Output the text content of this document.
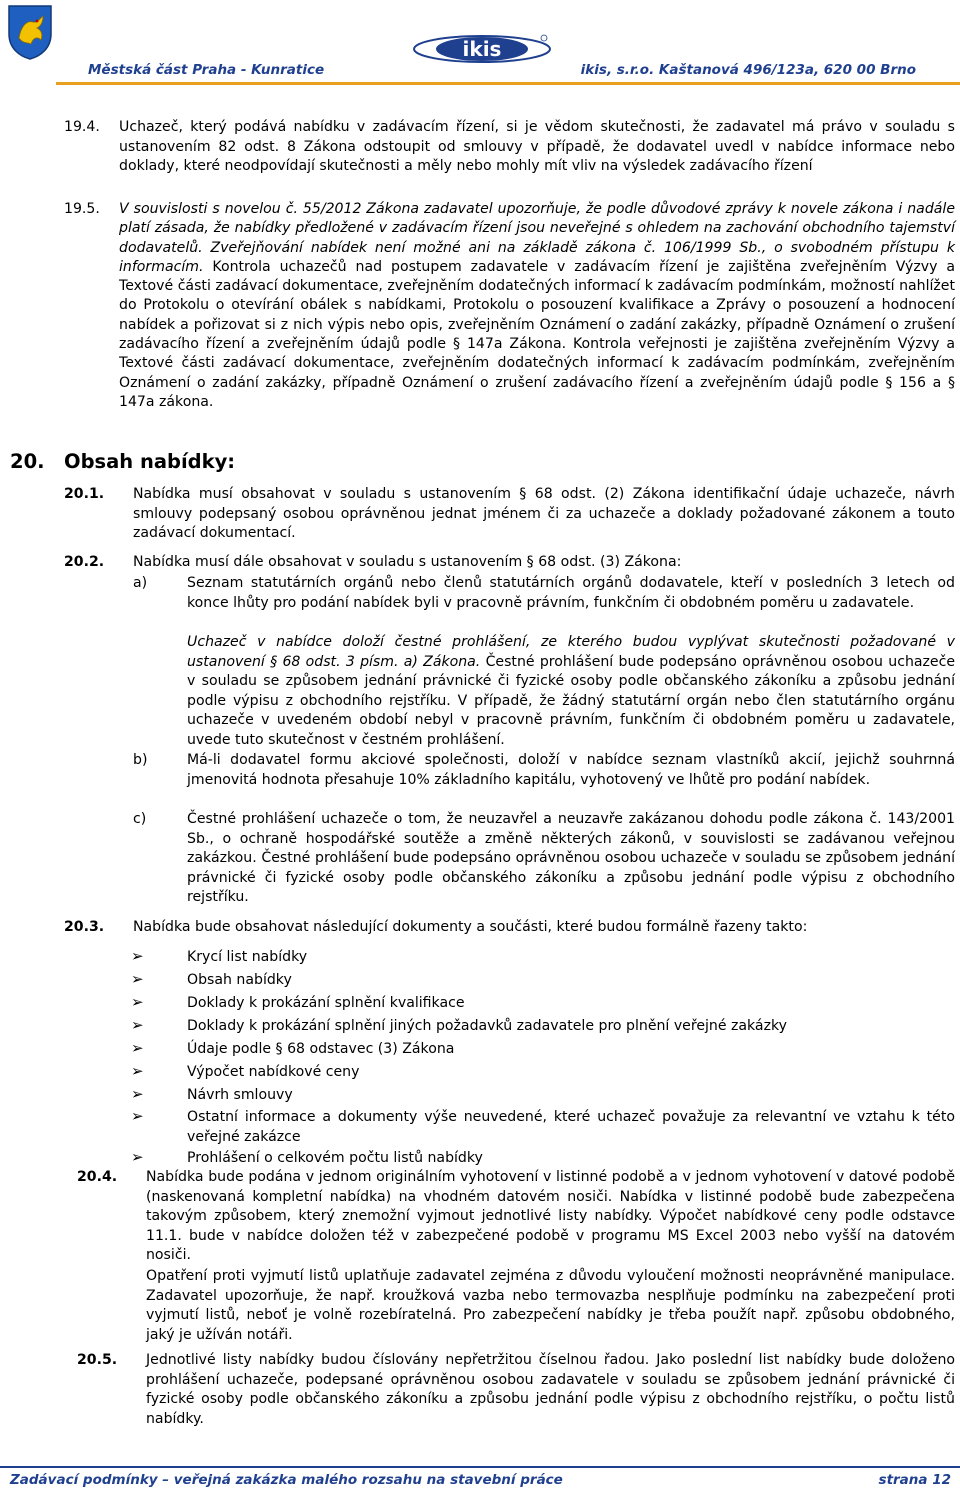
ikis
Městská část Praha - Kunratice	ikis, s.r.o. Kaštanová 496/123a, 620 00 Brno
19.4. Uchazeč, který podává nabídku v zadávacím řízení, si je vědom skutečnosti, že zadavatel má právo v souladu s ustanovením 82 odst. 8 Zákona odstoupit od smlouvy v případě, že dodavatel uvedl v nabídce informace nebo doklady, které neodpovídají skutečnosti a měly nebo mohly mít vliv na výsledek zadávacího řízení
19.5. V souvislosti s novelou č. 55/2012 Zákona zadavatel upozorňuje, že podle důvodové zprávy k novele zákona i nadále platí zásada, že nabídky předložené v zadávacím řízení jsou neveřejné s ohledem na zachování obchodního tajemství dodavatelů. Zveřejňování nabídek není možné ani na základě zákona č. 106/1999 Sb., o svobodném přístupu k informacím. Kontrola uchazečů nad postupem zadavatele v zadávacím řízení je zajištěna zveřejněním Výzvy a Textové části zadávací dokumentace, zveřejněním dodatečných informací k zadávacím podmínkám, možností nahlížet do Protokolu o otevírání obálek s nabídkami, Protokolu o posouzení kvalifikace a Zprávy o posouzení a hodnocení nabídek a pořizovat si z nich výpis nebo opis, zveřejněním Oznámení o zadání zakázky, případně Oznámení o zrušení zadávacího řízení a zveřejněním údajů podle § 147a Zákona. Kontrola veřejnosti je zajištěna zveřejněním Výzvy a Textové části zadávací dokumentace, zveřejněním dodatečných informací k zadávacím podmínkám, zveřejněním Oznámení o zadání zakázky, případně Oznámení o zrušení zadávacího řízení a zveřejněním údajů podle § 156 a § 147a zákona.
20. Obsah nabídky:
20.1. Nabídka musí obsahovat v souladu s ustanovením § 68 odst. (2) Zákona identifikační údaje uchazeče, návrh smlouvy podepsaný osobou oprávněnou jednat jménem či za uchazeče a doklady požadované zákonem a touto zadávací dokumentací.
20.2. Nabídka musí dále obsahovat v souladu s ustanovením § 68 odst. (3) Zákona:
a)	Seznam statutárních orgánů nebo členů statutárních orgánů dodavatele, kteří v posledních 3 letech od konce lhůty pro podání nabídek byli v pracovně právním, funkčním či obdobném poměru u zadavatele.
Uchazeč v nabídce doloží čestné prohlášení, ze kterého budou vyplývat skutečnosti požadované v ustanovení § 68 odst. 3 písm. a) Zákona. Čestné prohlášení bude podepsáno oprávněnou osobou uchazeče v souladu se způsobem jednání právnické či fyzické osoby podle občanského zákoníku a způsobu jednání podle výpisu z obchodního rejstříku. V případě, že žádný statutární orgán nebo člen statutárního orgánu uchazeče v uvedeném období nebyl v pracovně právním, funkčním či obdobném poměru u zadavatele, uvede tuto skutečnost v čestném prohlášení.
b)	Má-li dodavatel formu akciové společnosti, doloží v nabídce seznam vlastníků akcií, jejichž souhrnná jmenovitá hodnota přesahuje 10% základního kapitálu, vyhotovený ve lhůtě pro podání nabídek.
c)	Čestné prohlášení uchazeče o tom, že neuzavřel a neuzavře zakázanou dohodu podle zákona č. 143/2001 Sb., o ochraně hospodářské soutěže a změně některých zákonů, v souvislosti se zadávanou veřejnou zakázkou. Čestné prohlášení bude podepsáno oprávněnou osobou uchazeče v souladu se způsobem jednání právnické či fyzické osoby podle občanského zákoníku a způsobu jednání podle výpisu z obchodního rejstříku.
20.3. Nabídka bude obsahovat následující dokumenty a součásti, které budou formálně řazeny takto:
➢	Krycí list nabídky
➢	Obsah nabídky
➢	Doklady k prokázání splnění kvalifikace
➢	Doklady k prokázání splnění jiných požadavků zadavatele pro plnění veřejné zakázky
➢	Údaje podle § 68 odstavec (3) Zákona
➢	Výpočet nabídkové ceny
➢	Návrh smlouvy
➢	Ostatní informace a dokumenty výše neuvedené, které uchazeč považuje za relevantní ve vztahu k této veřejné zakázce
➢	Prohlášení o celkovém počtu listů nabídky
20.4. Nabídka bude podána v jednom originálním vyhotovení v listinné podobě a v jednom vyhotovení v datové podobě (naskenovaná kompletní nabídka) na vhodném datovém nosiči. Nabídka v listinné podobě bude zabezpečena takovým způsobem, který znemožní vyjmout jednotlivé listy nabídky. Výpočet nabídkové ceny podle odstavce 11.1. bude v nabídce doložen též v zabezpečené podobě v programu MS Excel 2003 nebo vyšší na datovém nosiči.
Opatření proti vyjmutí listů uplatňuje zadavatel zejména z důvodu vyloučení možnosti neoprávněné manipulace. Zadavatel upozorňuje, že např. kroužková vazba nebo termovazba nesplňuje podmínku na zabezpečení proti vyjmutí listů, neboť je volně rozebíratelná. Pro zabezpečení nabídky je třeba použít např. způsobu obdobného, jaký je užíván notáři.
20.5. Jednotlivé listy nabídky budou číslovány nepřetržitou číselnou řadou. Jako poslední list nabídky bude doloženo prohlášení uchazeče, podepsané oprávněnou osobou zadavatele v souladu se způsobem jednání právnické či fyzické osoby podle občanského zákoníku a způsobu jednání podle výpisu z obchodního rejstříku, o počtu listů nabídky.
Zadávací podmínky – veřejná zakázka malého rozsahu na stavební práce	strana 12
